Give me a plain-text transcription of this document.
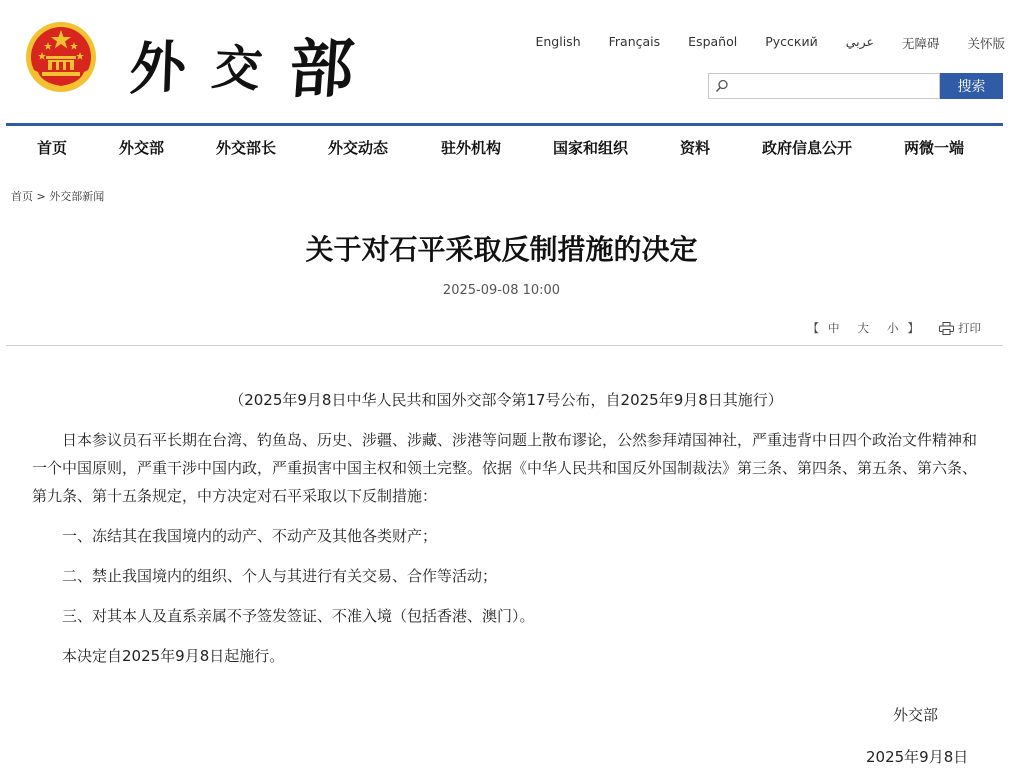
外 交 部	English Français Español Русский عربي 无障碍 关怀版
搜索
首页	外交部	外交部长	外交动态	驻外机构	国家和组织	资料	政府信息公开	两微一端
首页 > 外交部新闻
关于对石平采取反制措施的决定
2025-09-08 10:00
【 中 大 小 】	打印

（2025年9月8日中华人民共和国外交部令第17号公布，自2025年9月8日其施行）

日本参议员石平长期在台湾、钓鱼岛、历史、涉疆、涉藏、涉港等问题上散布谬论，公然参拜靖国神社，严重违背中日四个政治文件精神和一个中国原则，严重干涉中国内政，严重损害中国主权和领土完整。依据《中华人民共和国反外国制裁法》第三条、第四条、第五条、第六条、第九条、第十五条规定，中方决定对石平采取以下反制措施：

一、冻结其在我国境内的动产、不动产及其他各类财产；

二、禁止我国境内的组织、个人与其进行有关交易、合作等活动；

三、对其本人及直系亲属不予签发签证、不准入境（包括香港、澳门）。

本决定自2025年9月8日起施行。

外交部
2025年9月8日
